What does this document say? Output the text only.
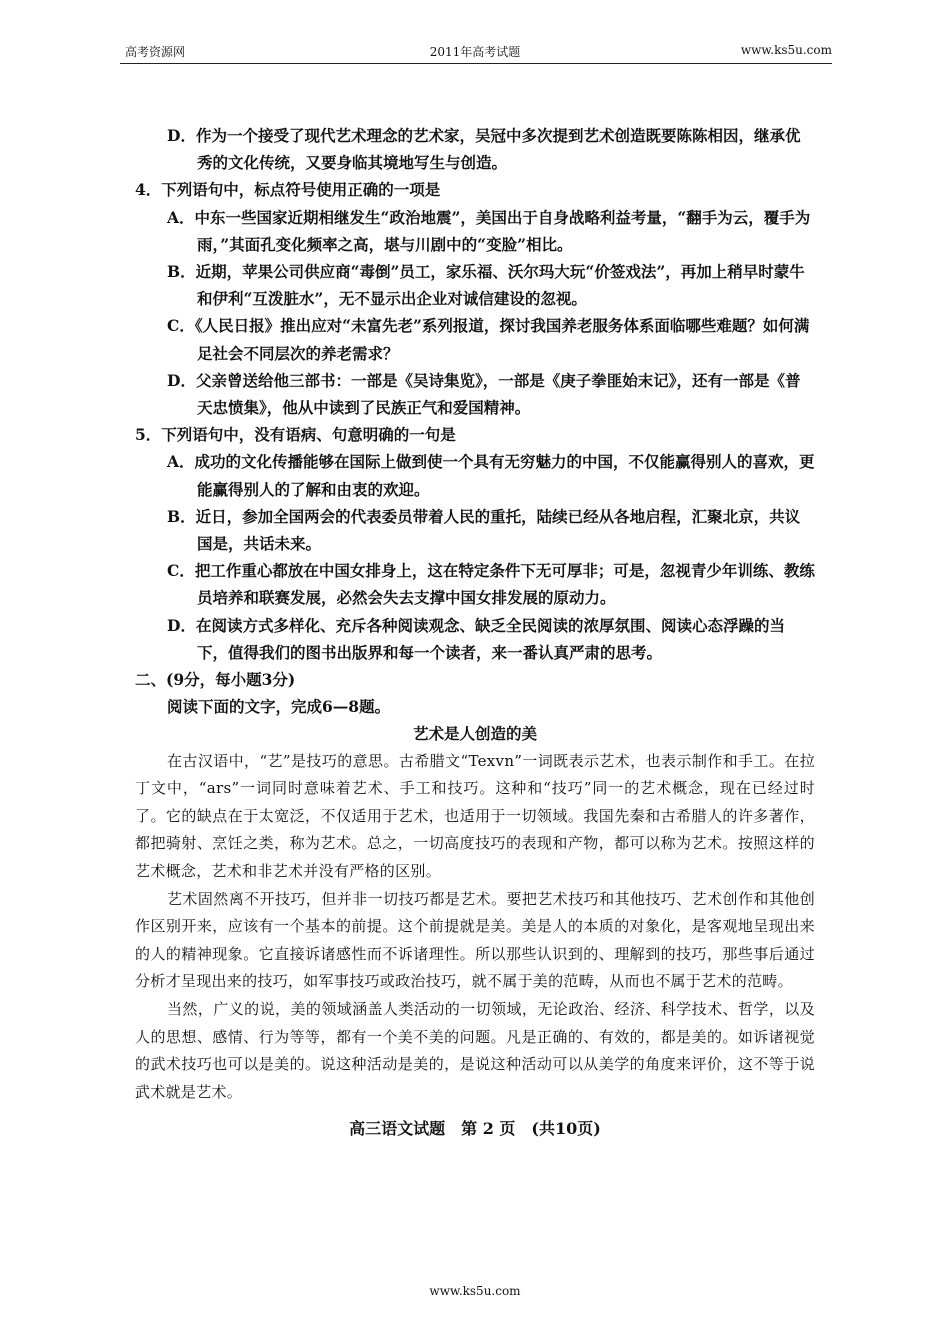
高考资源网	2011年高考试题	www.ks5u.com

D．作为一个接受了现代艺术理念的艺术家，吴冠中多次提到艺术创造既要陈陈相因，继承优秀的文化传统，又要身临其境地写生与创造。

4．下列语句中，标点符号使用正确的一项是

A．中东一些国家近期相继发生“政治地震”，美国出于自身战略利益考量，“翻手为云，覆手为雨，”其面孔变化频率之高，堪与川剧中的“变脸”相比。

B．近期，苹果公司供应商“毒倒”员工，家乐福、沃尔玛大玩“价签戏法”，再加上稍早时蒙牛和伊利“互泼脏水”，无不显示出企业对诚信建设的忽视。

C．《人民日报》推出应对“未富先老”系列报道，探讨我国养老服务体系面临哪些难题？如何满足社会不同层次的养老需求？

D．父亲曾送给他三部书：一部是《吴诗集览》，一部是《庚子拳匪始末记》，还有一部是《普天忠愤集》，他从中读到了民族正气和爱国精神。

5．下列语句中，没有语病、句意明确的一句是

A．成功的文化传播能够在国际上做到使一个具有无穷魅力的中国，不仅能赢得别人的喜欢，更能赢得别人的了解和由衷的欢迎。

B．近日，参加全国两会的代表委员带着人民的重托，陆续已经从各地启程，汇聚北京，共议国是，共话未来。

C．把工作重心都放在中国女排身上，这在特定条件下无可厚非；可是，忽视青少年训练、教练员培养和联赛发展，必然会失去支撑中国女排发展的原动力。

D．在阅读方式多样化、充斥各种阅读观念、缺乏全民阅读的浓厚氛围、阅读心态浮躁的当下，值得我们的图书出版界和每一个读者，来一番认真严肃的思考。

二、(9分，每小题3分)

阅读下面的文字，完成6—8题。

艺术是人创造的美

在古汉语中，“艺”是技巧的意思。古希腊文“Texvn”一词既表示艺术，也表示制作和手工。在拉丁文中，“ars”一词同时意味着艺术、手工和技巧。这种和“技巧”同一的艺术概念，现在已经过时了。它的缺点在于太宽泛，不仅适用于艺术，也适用于一切领域。我国先秦和古希腊人的许多著作，都把骑射、烹饪之类，称为艺术。总之，一切高度技巧的表现和产物，都可以称为艺术。按照这样的艺术概念，艺术和非艺术并没有严格的区别。

艺术固然离不开技巧，但并非一切技巧都是艺术。要把艺术技巧和其他技巧、艺术创作和其他创作区别开来，应该有一个基本的前提。这个前提就是美。美是人的本质的对象化，是客观地呈现出来的人的精神现象。它直接诉诸感性而不诉诸理性。所以那些认识到的、理解到的技巧，那些事后通过分析才呈现出来的技巧，如军事技巧或政治技巧，就不属于美的范畴，从而也不属于艺术的范畴。

当然，广义的说，美的领域涵盖人类活动的一切领域，无论政治、经济、科学技术、哲学，以及人的思想、感情、行为等等，都有一个美不美的问题。凡是正确的、有效的，都是美的。如诉诸视觉的武术技巧也可以是美的。说这种活动是美的，是说这种活动可以从美学的角度来评价，这不等于说武术就是艺术。

高三语文试题　第 2 页　(共10页)
www.ks5u.com
